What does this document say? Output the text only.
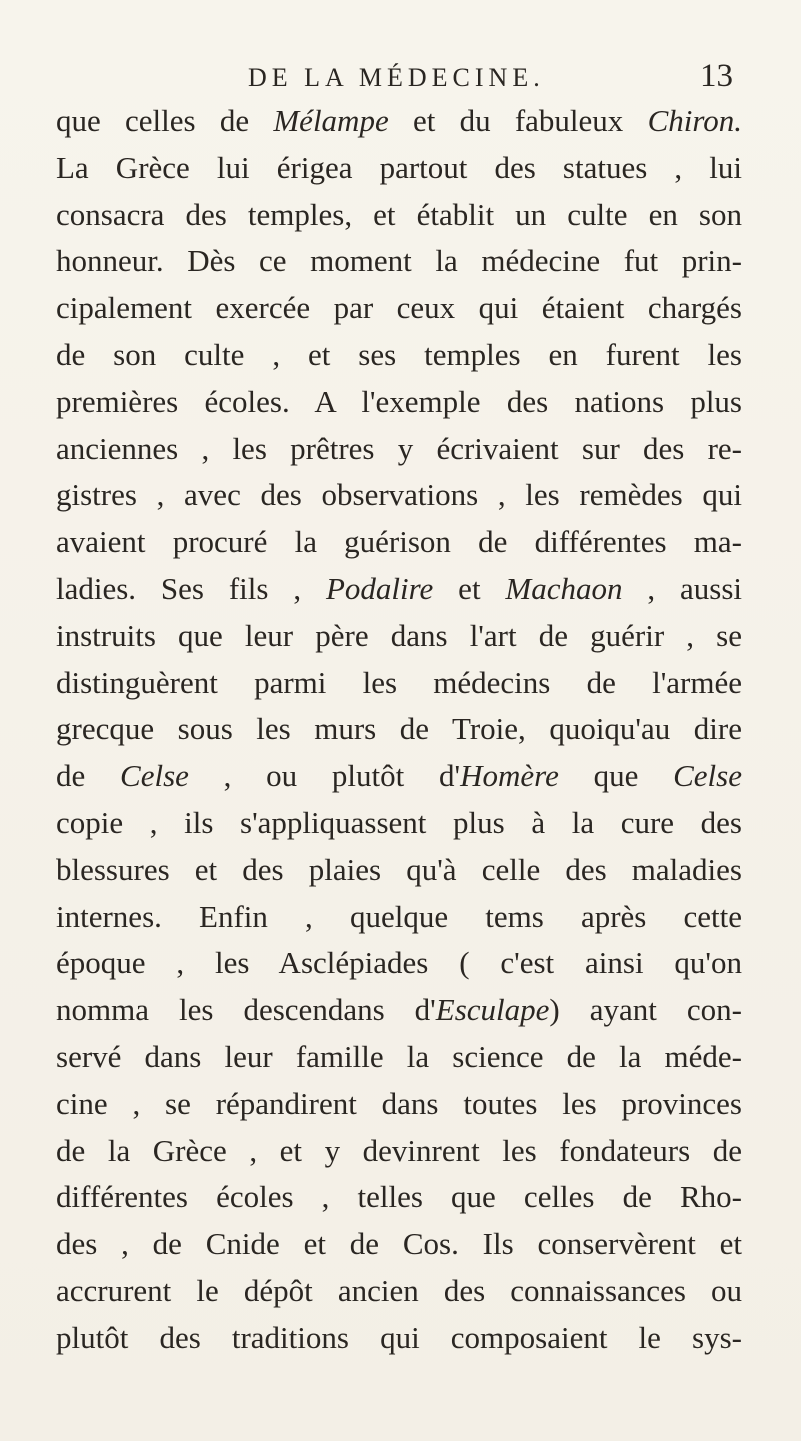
DE LA MÉDECINE.	13
que celles de Mélampe et du fabuleux Chiron.
La Grèce lui érigea partout des statues , lui
consacra des temples, et établit un culte en son
honneur. Dès ce moment la médecine fut prin-
cipalement exercée par ceux qui étaient chargés
de son culte , et ses temples en furent les
premières écoles. A l'exemple des nations plus
anciennes , les prêtres y écrivaient sur des re-
gistres , avec des observations , les remèdes qui
avaient procuré la guérison de différentes ma-
ladies. Ses fils , Podalire et Machaon , aussi
instruits que leur père dans l'art de guérir , se
distinguèrent parmi les médecins de l'armée
grecque sous les murs de Troie, quoiqu'au dire
de Celse , ou plutôt d'Homère que Celse
copie , ils s'appliquassent plus à la cure des
blessures et des plaies qu'à celle des maladies
internes. Enfin , quelque tems après cette
époque , les Asclépiades ( c'est ainsi qu'on
nomma les descendans d'Esculape) ayant con-
servé dans leur famille la science de la méde-
cine , se répandirent dans toutes les provinces
de la Grèce , et y devinrent les fondateurs de
différentes écoles , telles que celles de Rho-
des , de Cnide et de Cos. Ils conservèrent et
accrurent le dépôt ancien des connaissances ou
plutôt des traditions qui composaient le sys-
